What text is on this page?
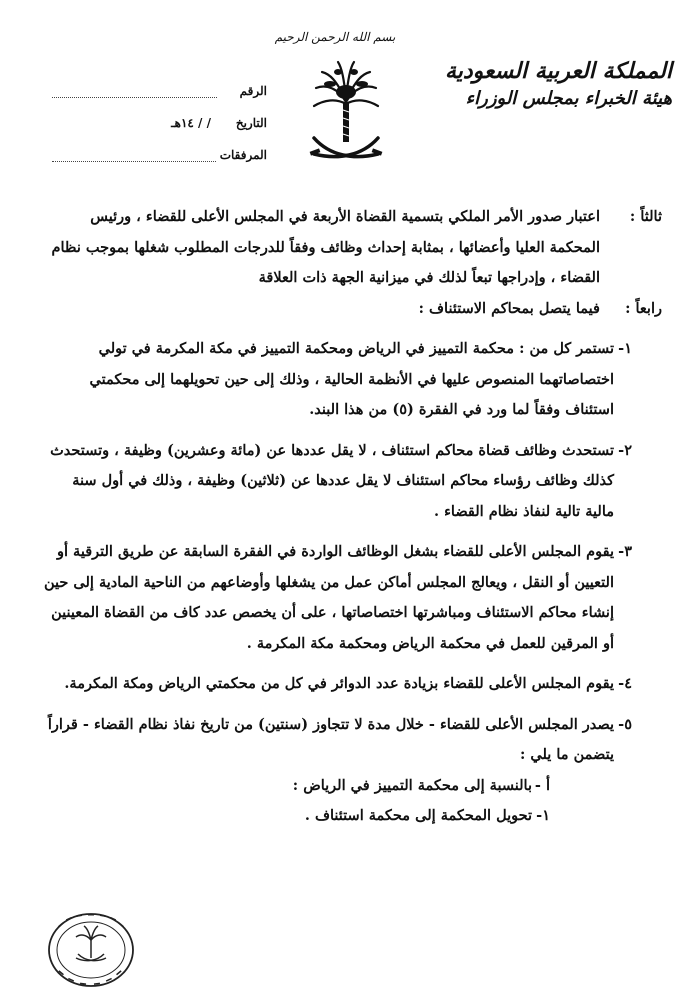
بسم الله الرحمن الرحيم
المملكة العربية السعودية
هيئة الخبراء بمجلس الوزراء
الرقم
التاريخ
/ / ١٤هـ
المرفقات
ثالثاً :
اعتبار صدور الأمر الملكي بتسمية القضاة الأربعة في المجلس الأعلى للقضاء ، ورئيس المحكمة العليا وأعضائها ، بمثابة إحداث وظائف وفقاً للدرجات المطلوب شغلها بموجب نظام القضاء ، وإدراجها تبعاً لذلك في ميزانية الجهة ذات العلاقة
رابعاً :
فيما يتصل بمحاكم الاستئناف :
١-
تستمر كل من : محكمة التمييز في الرياض ومحكمة التمييز في مكة المكرمة في تولي اختصاصاتهما المنصوص عليها في الأنظمة الحالية ، وذلك إلى حين تحويلهما إلى محكمتي استئناف وفقاً لما ورد في الفقرة (٥) من هذا البند.
٢-
تستحدث وظائف قضاة محاكم استئناف ، لا يقل عددها عن (مائة وعشرين) وظيفة ، وتستحدث كذلك وظائف رؤساء محاكم استئناف لا يقل عددها عن (ثلاثين) وظيفة ، وذلك في أول سنة مالية تالية لنفاذ نظام القضاء .
٣-
يقوم المجلس الأعلى للقضاء بشغل الوظائف الواردة في الفقرة السابقة عن طريق الترقية أو التعيين أو النقل ، ويعالج المجلس أماكن عمل من يشغلها وأوضاعهم من الناحية المادية إلى حين إنشاء محاكم الاستئناف ومباشرتها اختصاصاتها ، على أن يخصص عدد كاف من القضاة المعينين أو المرقين للعمل في محكمة الرياض ومحكمة مكة المكرمة .
٤-
يقوم المجلس الأعلى للقضاء بزيادة عدد الدوائر في كل من محكمتي الرياض ومكة المكرمة.
٥-
يصدر المجلس الأعلى للقضاء - خلال مدة لا تتجاوز (سنتين) من تاريخ نفاذ نظام القضاء - قراراً يتضمن ما يلي :
أ -
بالنسبة إلى محكمة التمييز في الرياض :
١-
تحويل المحكمة إلى محكمة استئناف .
